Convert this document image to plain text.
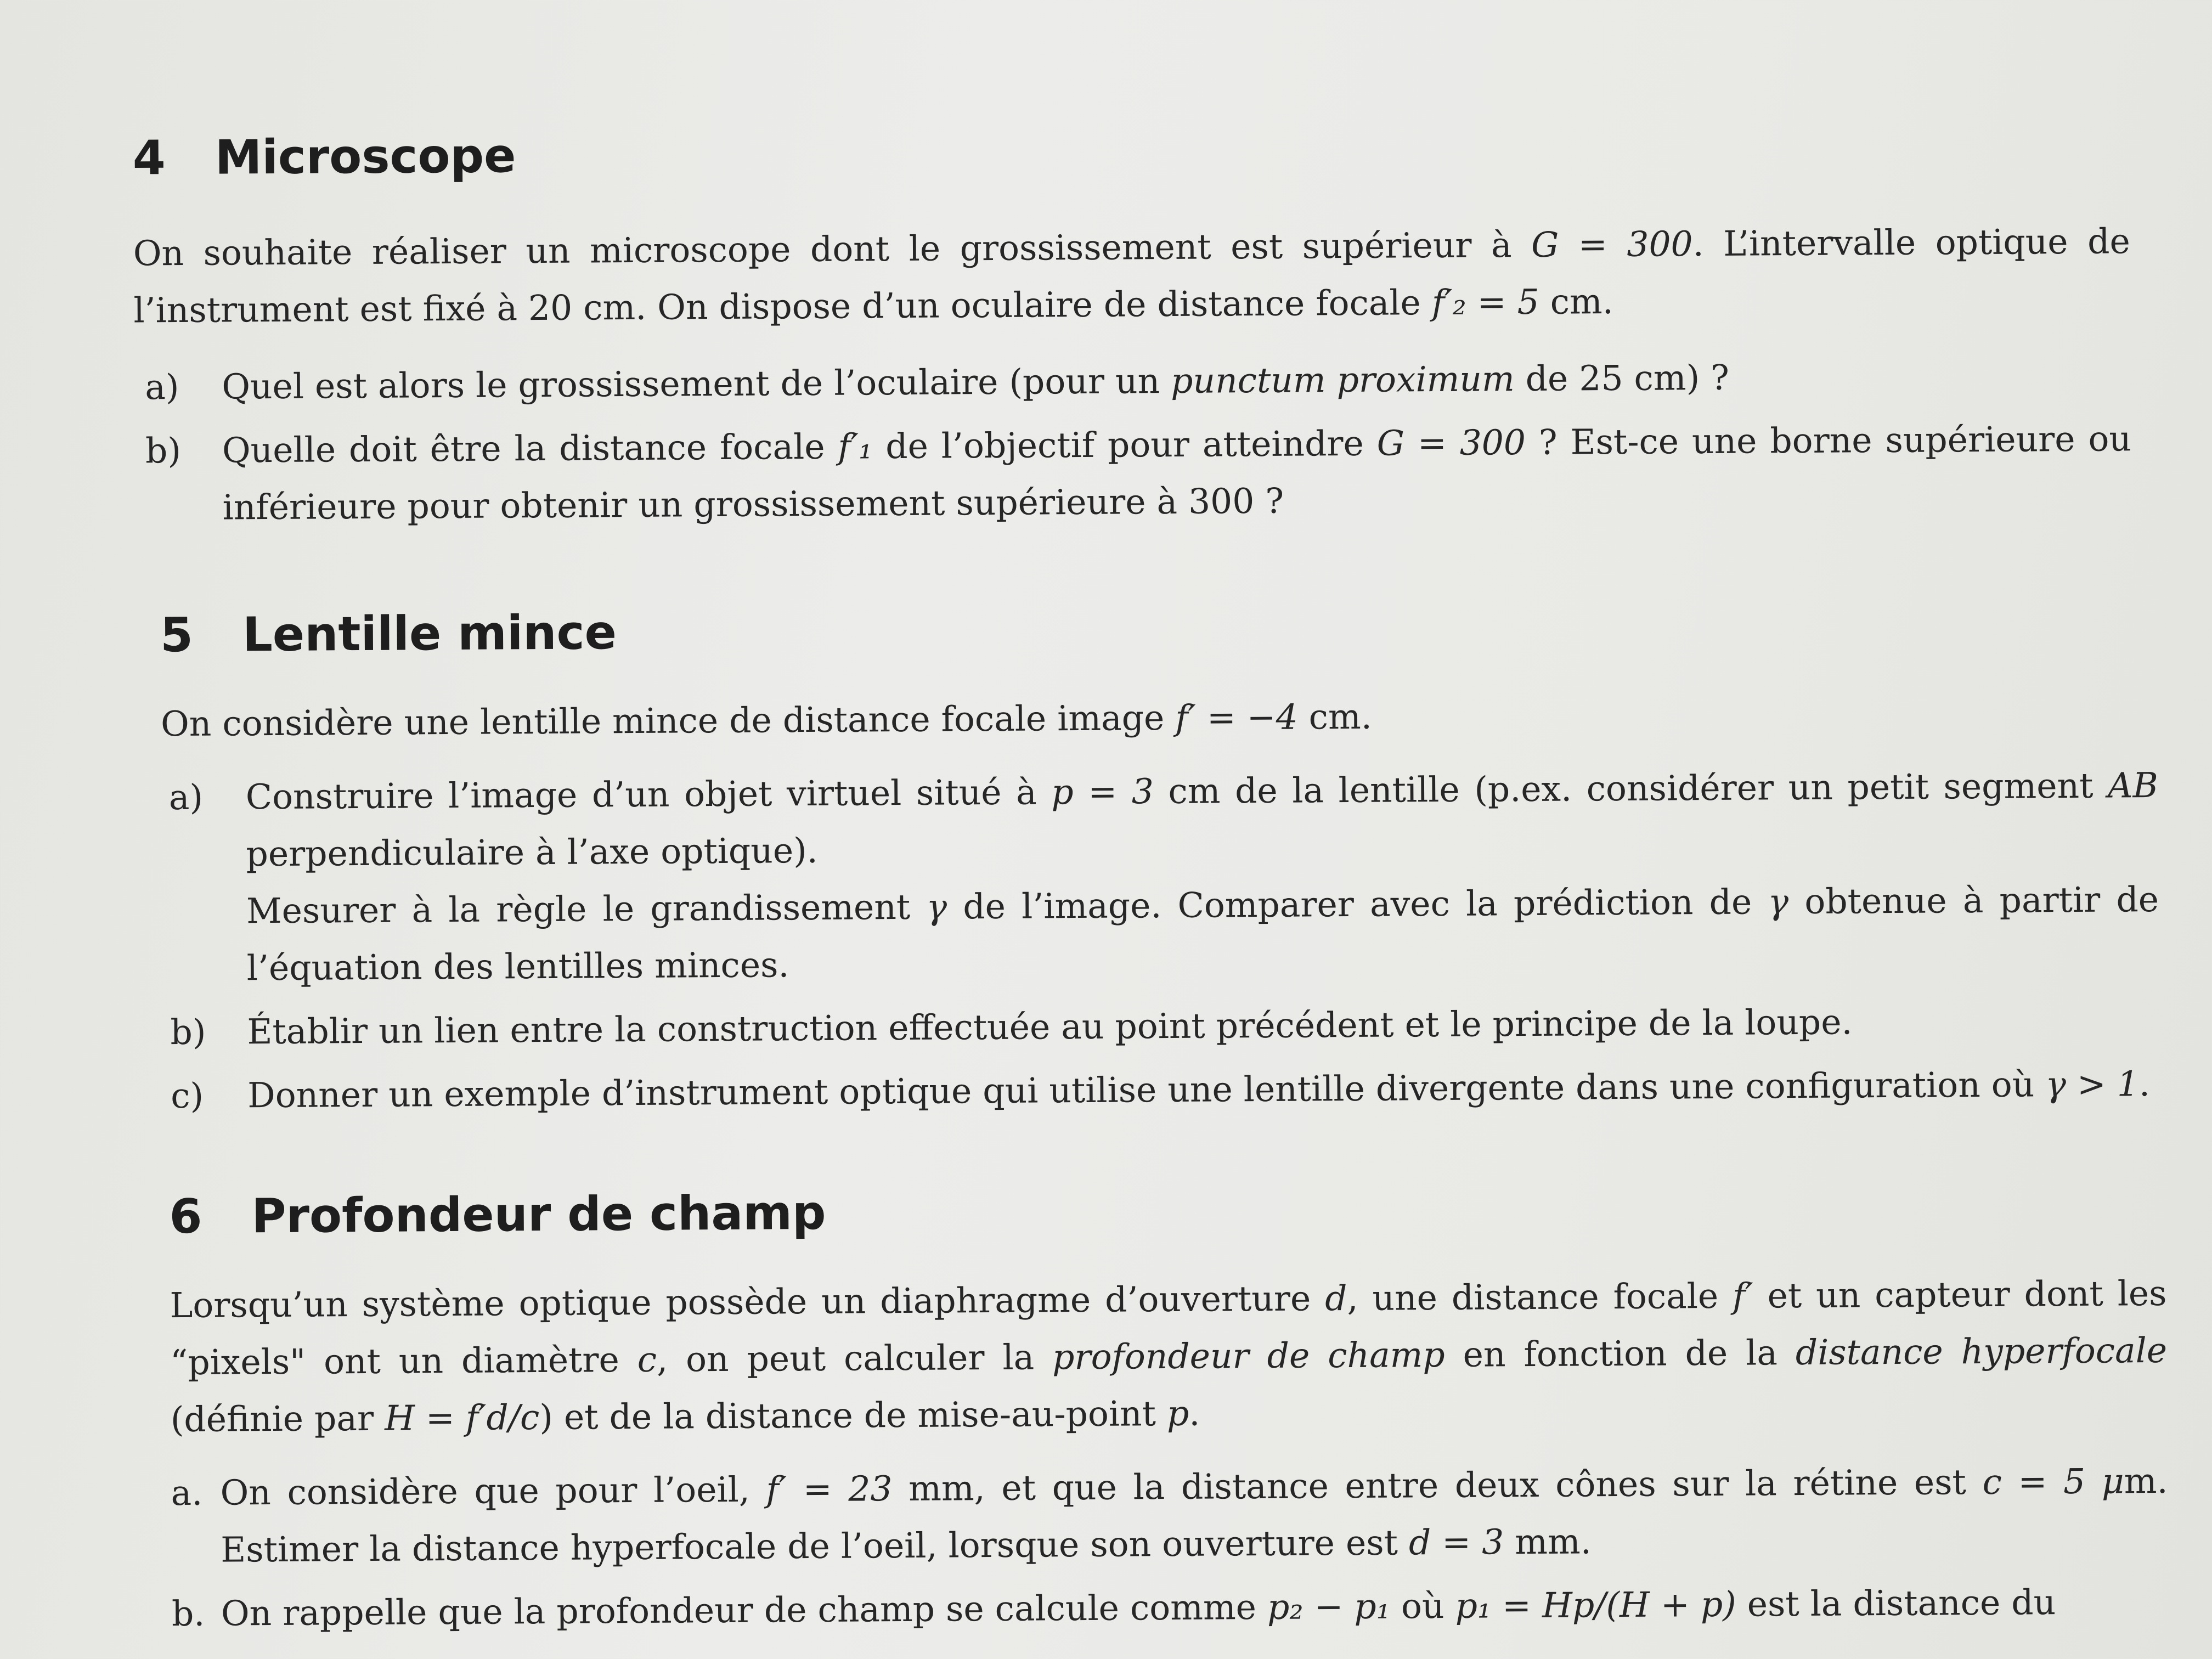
4 Microscope

On souhaite réaliser un microscope dont le grossissement est supérieur à G = 300. L’intervalle optique de l’instrument est fixé à 20 cm. On dispose d’un oculaire de distance focale f′₂ = 5 cm.

a) Quel est alors le grossissement de l’oculaire (pour un punctum proximum de 25 cm) ?

b) Quelle doit être la distance focale f′₁ de l’objectif pour atteindre G = 300 ? Est-ce une borne supérieure ou inférieure pour obtenir un grossissement supérieure à 300 ?

5 Lentille mince

On considère une lentille mince de distance focale image f′ = −4 cm.

a) Construire l’image d’un objet virtuel situé à p = 3 cm de la lentille (p.ex. considérer un petit segment AB perpendiculaire à l’axe optique).

Mesurer à la règle le grandissement γ de l’image. Comparer avec la prédiction de γ obtenue à partir de l’équation des lentilles minces.

b) Établir un lien entre la construction effectuée au point précédent et le principe de la loupe.

c) Donner un exemple d’instrument optique qui utilise une lentille divergente dans une configuration où γ > 1.

6 Profondeur de champ

Lorsqu’un système optique possède un diaphragme d’ouverture d, une distance focale f′ et un capteur dont les “pixels" ont un diamètre c, on peut calculer la profondeur de champ en fonction de la distance hyperfocale (définie par H = f′d/c) et de la distance de mise-au-point p.

a. On considère que pour l’oeil, f′ = 23 mm, et que la distance entre deux cônes sur la rétine est c = 5 μm. Estimer la distance hyperfocale de l’oeil, lorsque son ouverture est d = 3 mm.

b. On rappelle que la profondeur de champ se calcule comme p₂ − p₁ où p₁ = Hp/(H + p) est la distance du
